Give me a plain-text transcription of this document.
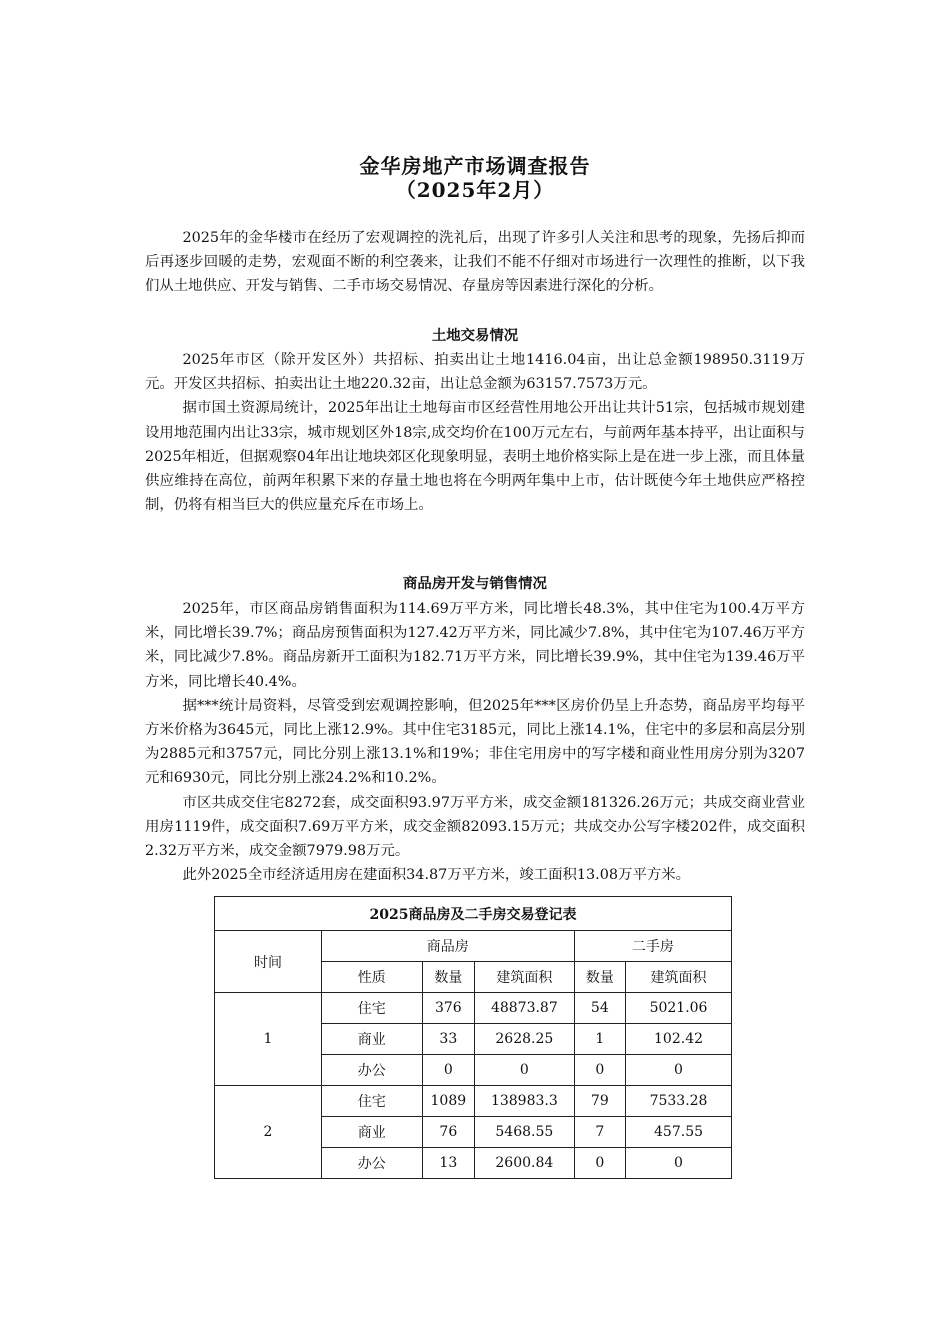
金华房地产市场调查报告
（2025年2月）

2025年的金华楼市在经历了宏观调控的洗礼后，出现了许多引人关注和思考的现象，先扬后抑而后再逐步回暖的走势，宏观面不断的利空袭来，让我们不能不仔细对市场进行一次理性的推断，以下我们从土地供应、开发与销售、二手市场交易情况、存量房等因素进行深化的分析。

土地交易情况

2025年市区（除开发区外）共招标、拍卖出让土地1416.04亩，出让总金额198950.3119万元。开发区共招标、拍卖出让土地220.32亩，出让总金额为63157.7573万元。

据市国土资源局统计，2025年出让土地每亩市区经营性用地公开出让共计51宗，包括城市规划建设用地范围内出让33宗，城市规划区外18宗,成交均价在100万元左右，与前两年基本持平，出让面积与2025年相近，但据观察04年出让地块郊区化现象明显，表明土地价格实际上是在进一步上涨，而且体量供应维持在高位，前两年积累下来的存量土地也将在今明两年集中上市，估计既使今年土地供应严格控制，仍将有相当巨大的供应量充斥在市场上。

商品房开发与销售情况

2025年，市区商品房销售面积为114.69万平方米，同比增长48.3%，其中住宅为100.4万平方米，同比增长39.7%；商品房预售面积为127.42万平方米，同比减少7.8%，其中住宅为107.46万平方米，同比减少7.8%。商品房新开工面积为182.71万平方米，同比增长39.9%，其中住宅为139.46万平方米，同比增长40.4%。

据***统计局资料，尽管受到宏观调控影响，但2025年***区房价仍呈上升态势，商品房平均每平方米价格为3645元，同比上涨12.9%。其中住宅3185元，同比上涨14.1%，住宅中的多层和高层分别为2885元和3757元，同比分别上涨13.1%和19%；非住宅用房中的写字楼和商业性用房分别为3207元和6930元，同比分别上涨24.2%和10.2%。

市区共成交住宅8272套，成交面积93.97万平方米，成交金额181326.26万元；共成交商业营业用房1119件，成交面积7.69万平方米，成交金额82093.15万元；共成交办公写字楼202件，成交面积2.32万平方米，成交金额7979.98万元。

此外2025全市经济适用房在建面积34.87万平方米，竣工面积13.08万平方米。

2025商品房及二手房交易登记表					
时间	商品房			二手房	
	性质	数量	建筑面积	数量	建筑面积
1	住宅	376	48873.87	54	5021.06
	商业	33	2628.25	1	102.42
	办公	0	0	0	0
2	住宅	1089	138983.3	79	7533.28
	商业	76	5468.55	7	457.55
	办公	13	2600.84	0	0
